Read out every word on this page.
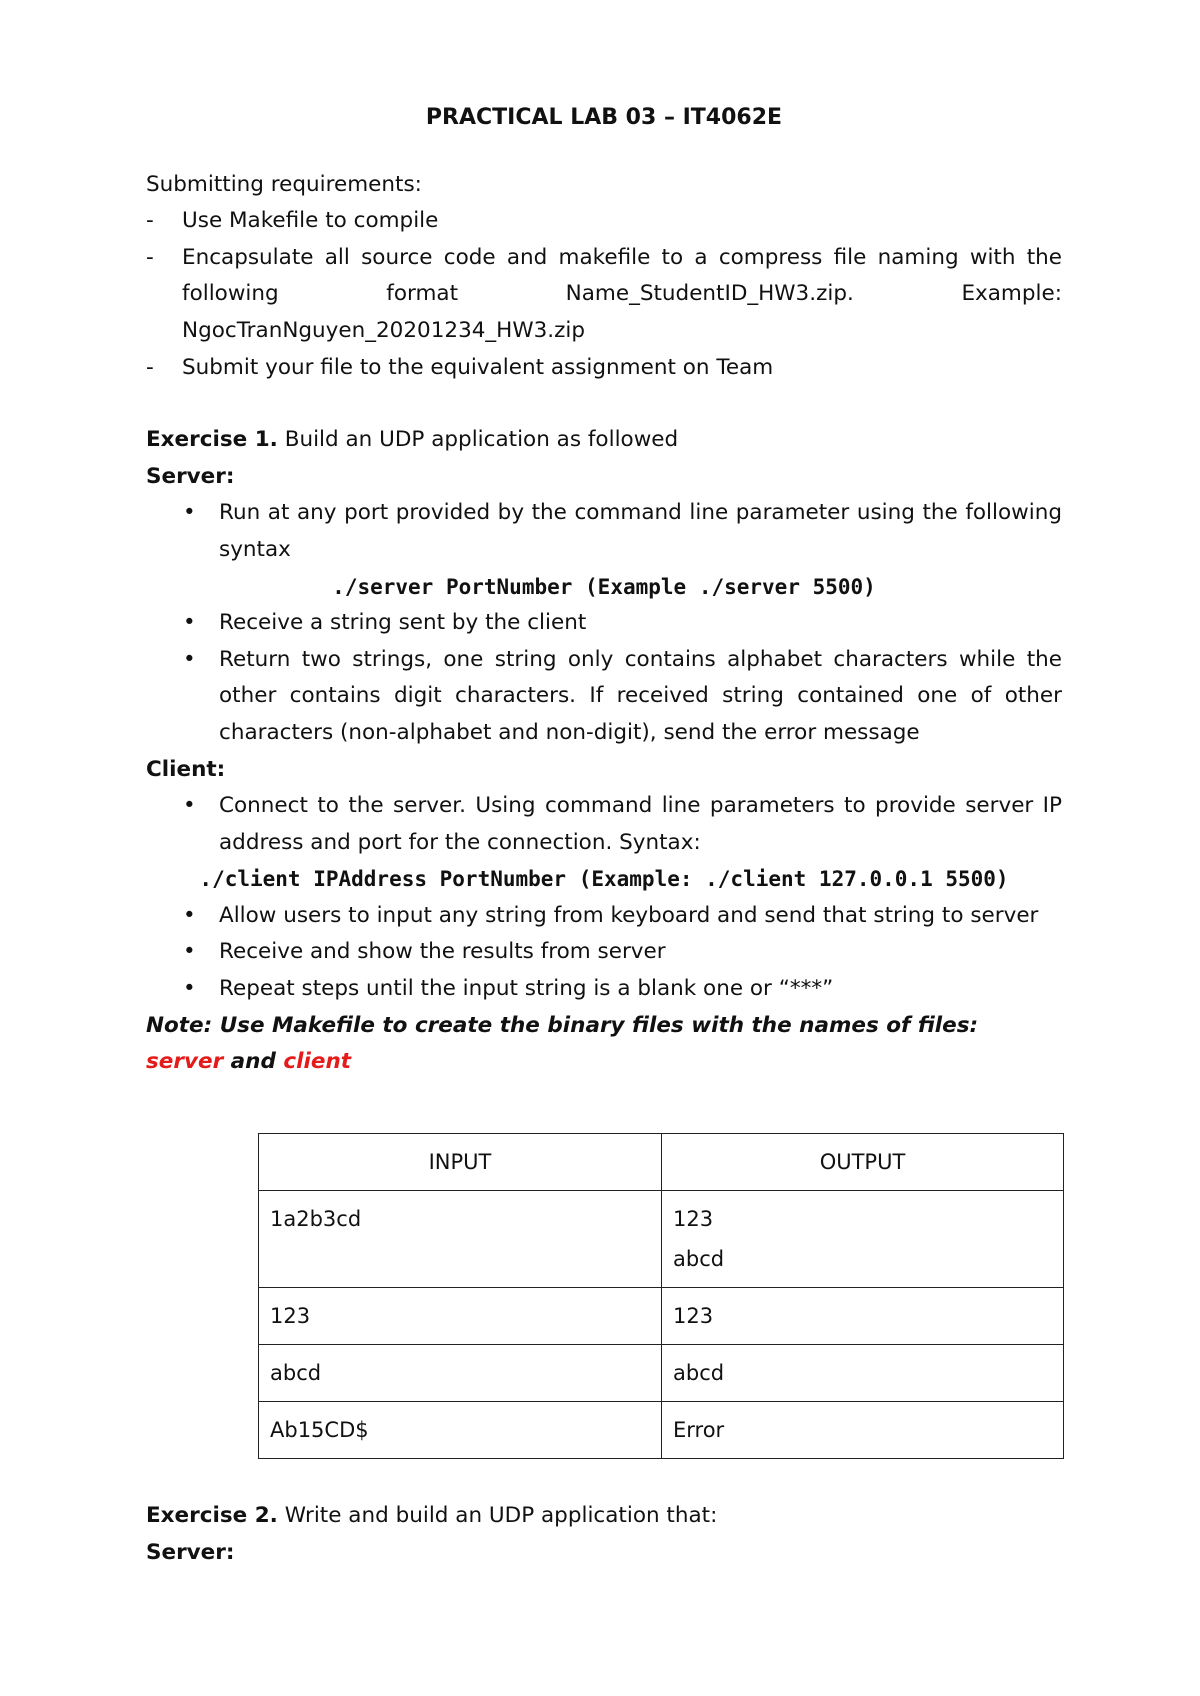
PRACTICAL LAB 03 – IT4062E
Submitting requirements:
- Use Makefile to compile
- Encapsulate all source code and makefile to a compress file naming with the
following	format	Name_StudentID_HW3.zip.	Example:
NgocTranNguyen_20201234_HW3.zip
- Submit your file to the equivalent assignment on Team
Exercise 1. Build an UDP application as followed
Server:
• Run at any port provided by the command line parameter using the following syntax
./server PortNumber (Example ./server 5500)
• Receive a string sent by the client
• Return two strings, one string only contains alphabet characters while the other contains digit characters. If received string contained one of other characters (non-alphabet and non-digit), send the error message
Client:
• Connect to the server. Using command line parameters to provide server IP address and port for the connection. Syntax:
./client IPAddress PortNumber (Example: ./client 127.0.0.1 5500)
• Allow users to input any string from keyboard and send that string to server
• Receive and show the results from server
• Repeat steps until the input string is a blank one or “***”
Note: Use Makefile to create the binary files with the names of files:
server and client
INPUT	OUTPUT
1a2b3cd	123
abcd

123	123
abcd	abcd
Ab15CD$	Error
Exercise 2. Write and build an UDP application that:
Server:
